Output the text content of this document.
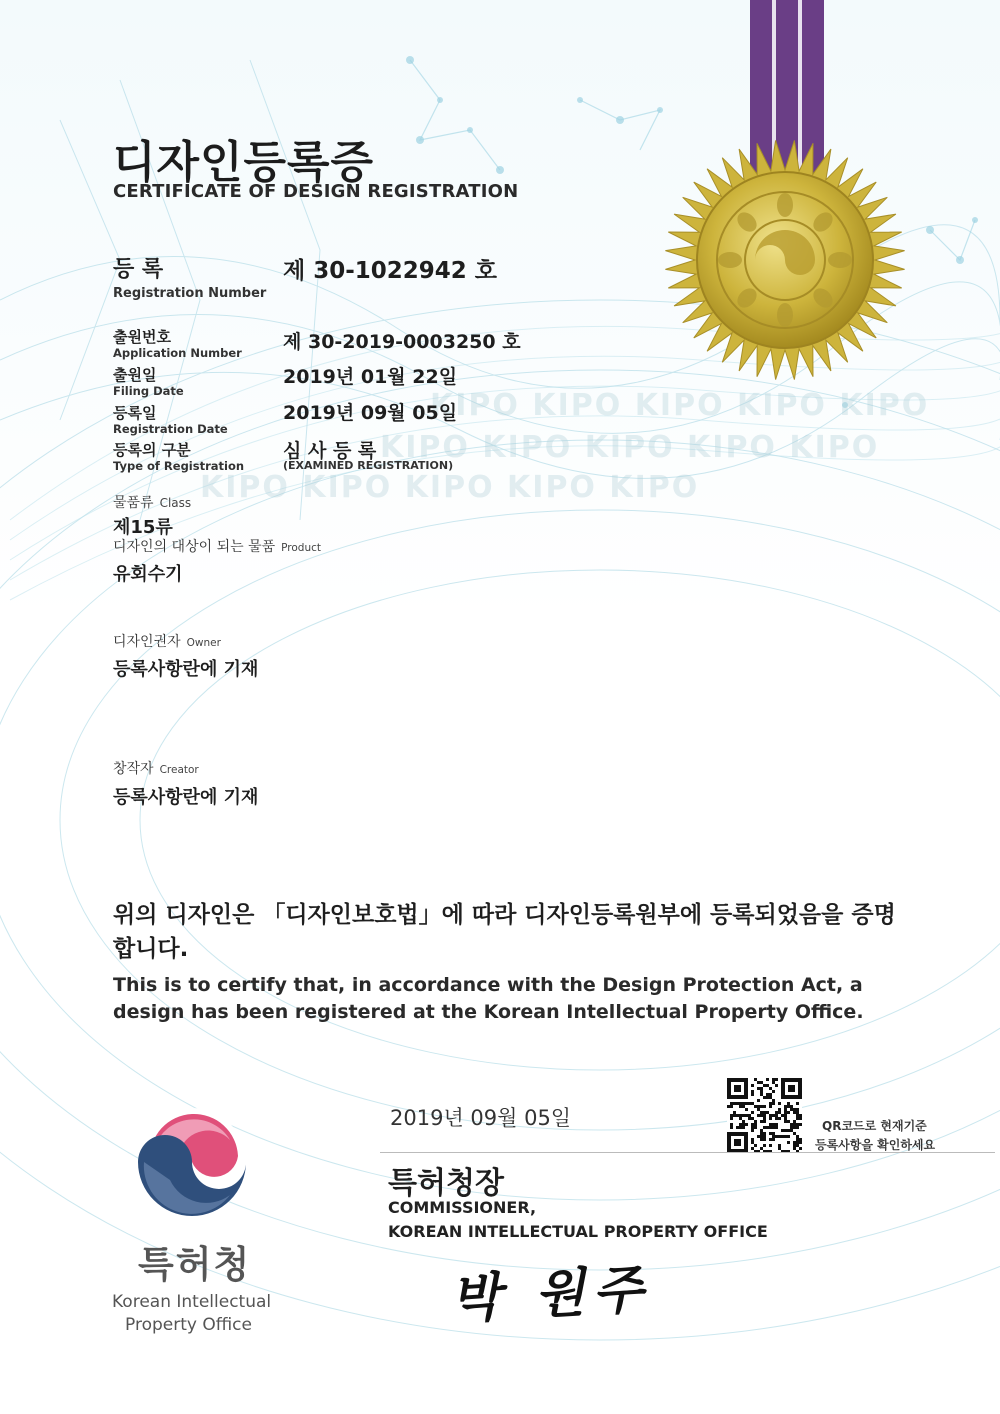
KIPO KIPO KIPO KIPO KIPO
KIPO KIPO KIPO KIPO KIPO
KIPO KIPO KIPO KIPO KIPO
디자인등록증
CERTIFICATE OF DESIGN REGISTRATION
등 록
Registration Number
제 30-1022942 호
출원번호
Application Number 제 30-2019-0003250 호
출원일
Filing Date
2019년 01월 22일
등록일
Registration Date
2019년 09월 05일
등록의 구분
Type of Registration
심 사 등 록
(EXAMINED REGISTRATION)
물품류 Class
제15류
디자인의 대상이 되는 물품 Product
유회수기
디자인권자 Owner
등록사항란에 기재
창작자 Creator
등록사항란에 기재
위의 디자인은 「디자인보호법」에 따라 디자인등록원부에 등록되었음을 증명합니다.
This is to certify that, in accordance with the Design Protection Act, a design has been registered at the Korean Intellectual Property Office.
2019년 09월 05일	QR코드로 현재기준
등록사항을 확인하세요
특허청장
COMMISSIONER,
KOREAN INTELLECTUAL PROPERTY OFFICE
박 원주
특허청
Korean Intellectual
Property Office
